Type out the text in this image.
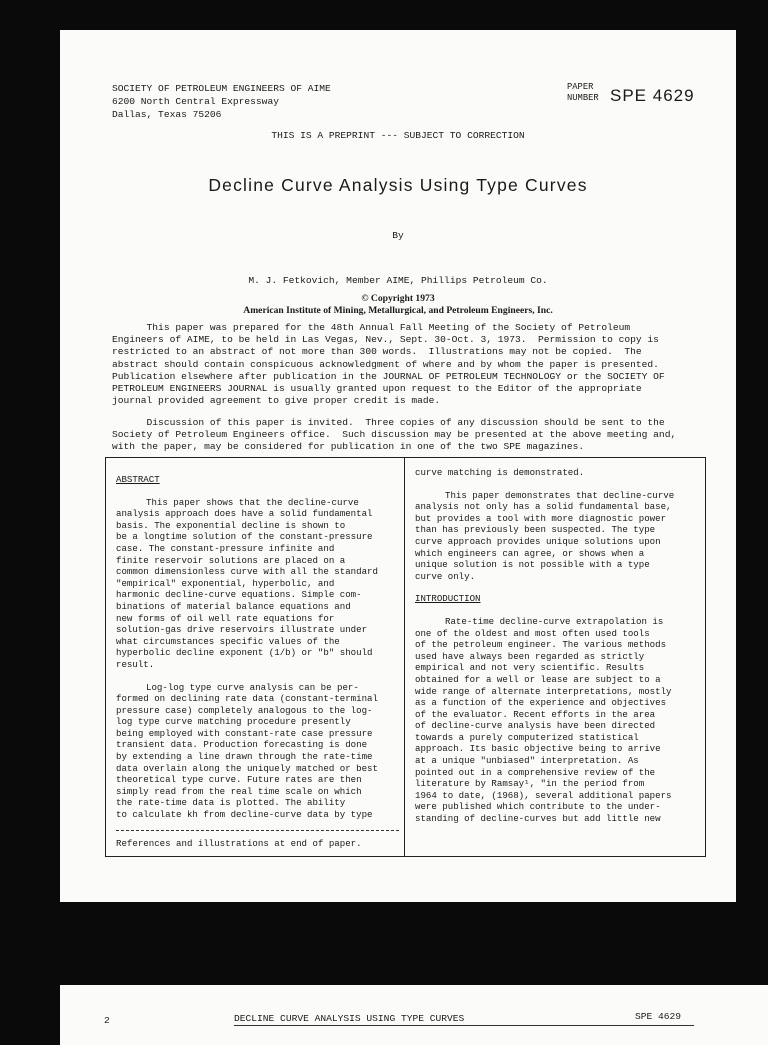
SOCIETY OF PETROLEUM ENGINEERS OF AIME
6200 North Central Expressway
Dallas, Texas 75206
PAPER
NUMBER SPE 4629
THIS IS A PREPRINT --- SUBJECT TO CORRECTION
Decline Curve Analysis Using Type Curves
By
M. J. Fetkovich, Member AIME, Phillips Petroleum Co.
© Copyright 1973
American Institute of Mining, Metallurgical, and Petroleum Engineers, Inc.
This paper was prepared for the 48th Annual Fall Meeting of the Society of Petroleum
Engineers of AIME, to be held in Las Vegas, Nev., Sept. 30-Oct. 3, 1973.  Permission to copy is
restricted to an abstract of not more than 300 words.  Illustrations may not be copied.  The
abstract should contain conspicuous acknowledgment of where and by whom the paper is presented.
Publication elsewhere after publication in the JOURNAL OF PETROLEUM TECHNOLOGY or the SOCIETY OF
PETROLEUM ENGINEERS JOURNAL is usually granted upon request to the Editor of the appropriate
journal provided agreement to give proper credit is made.
Discussion of this paper is invited.  Three copies of any discussion should be sent to the
Society of Petroleum Engineers office.  Such discussion may be presented at the above meeting and,
with the paper, may be considered for publication in one of the two SPE magazines.
ABSTRACT
This paper shows that the decline-curve
analysis approach does have a solid fundamental
basis. The exponential decline is shown to
be a longtime solution of the constant-pressure
case. The constant-pressure infinite and
finite reservoir solutions are placed on a
common dimensionless curve with all the standard
"empirical" exponential, hyperbolic, and
harmonic decline-curve equations. Simple com-
binations of material balance equations and
new forms of oil well rate equations for
solution-gas drive reservoirs illustrate under
what circumstances specific values of the
hyperbolic decline exponent (1/b) or "b" should
result.
Log-log type curve analysis can be per-
formed on declining rate data (constant-terminal
pressure case) completely analogous to the log-
log type curve matching procedure presently
being employed with constant-rate case pressure
transient data. Production forecasting is done
by extending a line drawn through the rate-time
data overlain along the uniquely matched or best
theoretical type curve. Future rates are then
simply read from the real time scale on which
the rate-time data is plotted. The ability
to calculate kh from decline-curve data by type
References and illustrations at end of paper.
curve matching is demonstrated.
This paper demonstrates that decline-curve
analysis not only has a solid fundamental base,
but provides a tool with more diagnostic power
than has previously been suspected. The type
curve approach provides unique solutions upon
which engineers can agree, or shows when a
unique solution is not possible with a type
curve only.
INTRODUCTION
Rate-time decline-curve extrapolation is
one of the oldest and most often used tools
of the petroleum engineer. The various methods
used have always been regarded as strictly
empirical and not very scientific. Results
obtained for a well or lease are subject to a
wide range of alternate interpretations, mostly
as a function of the experience and objectives
of the evaluator. Recent efforts in the area
of decline-curve analysis have been directed
towards a purely computerized statistical
approach. Its basic objective being to arrive
at a unique "unbiased" interpretation. As
pointed out in a comprehensive review of the
literature by Ramsay¹, "in the period from
1964 to date, (1968), several additional papers
were published which contribute to the under-
standing of decline-curves but add little new
2	DECLINE CURVE ANALYSIS USING TYPE CURVES	SPE 4629
